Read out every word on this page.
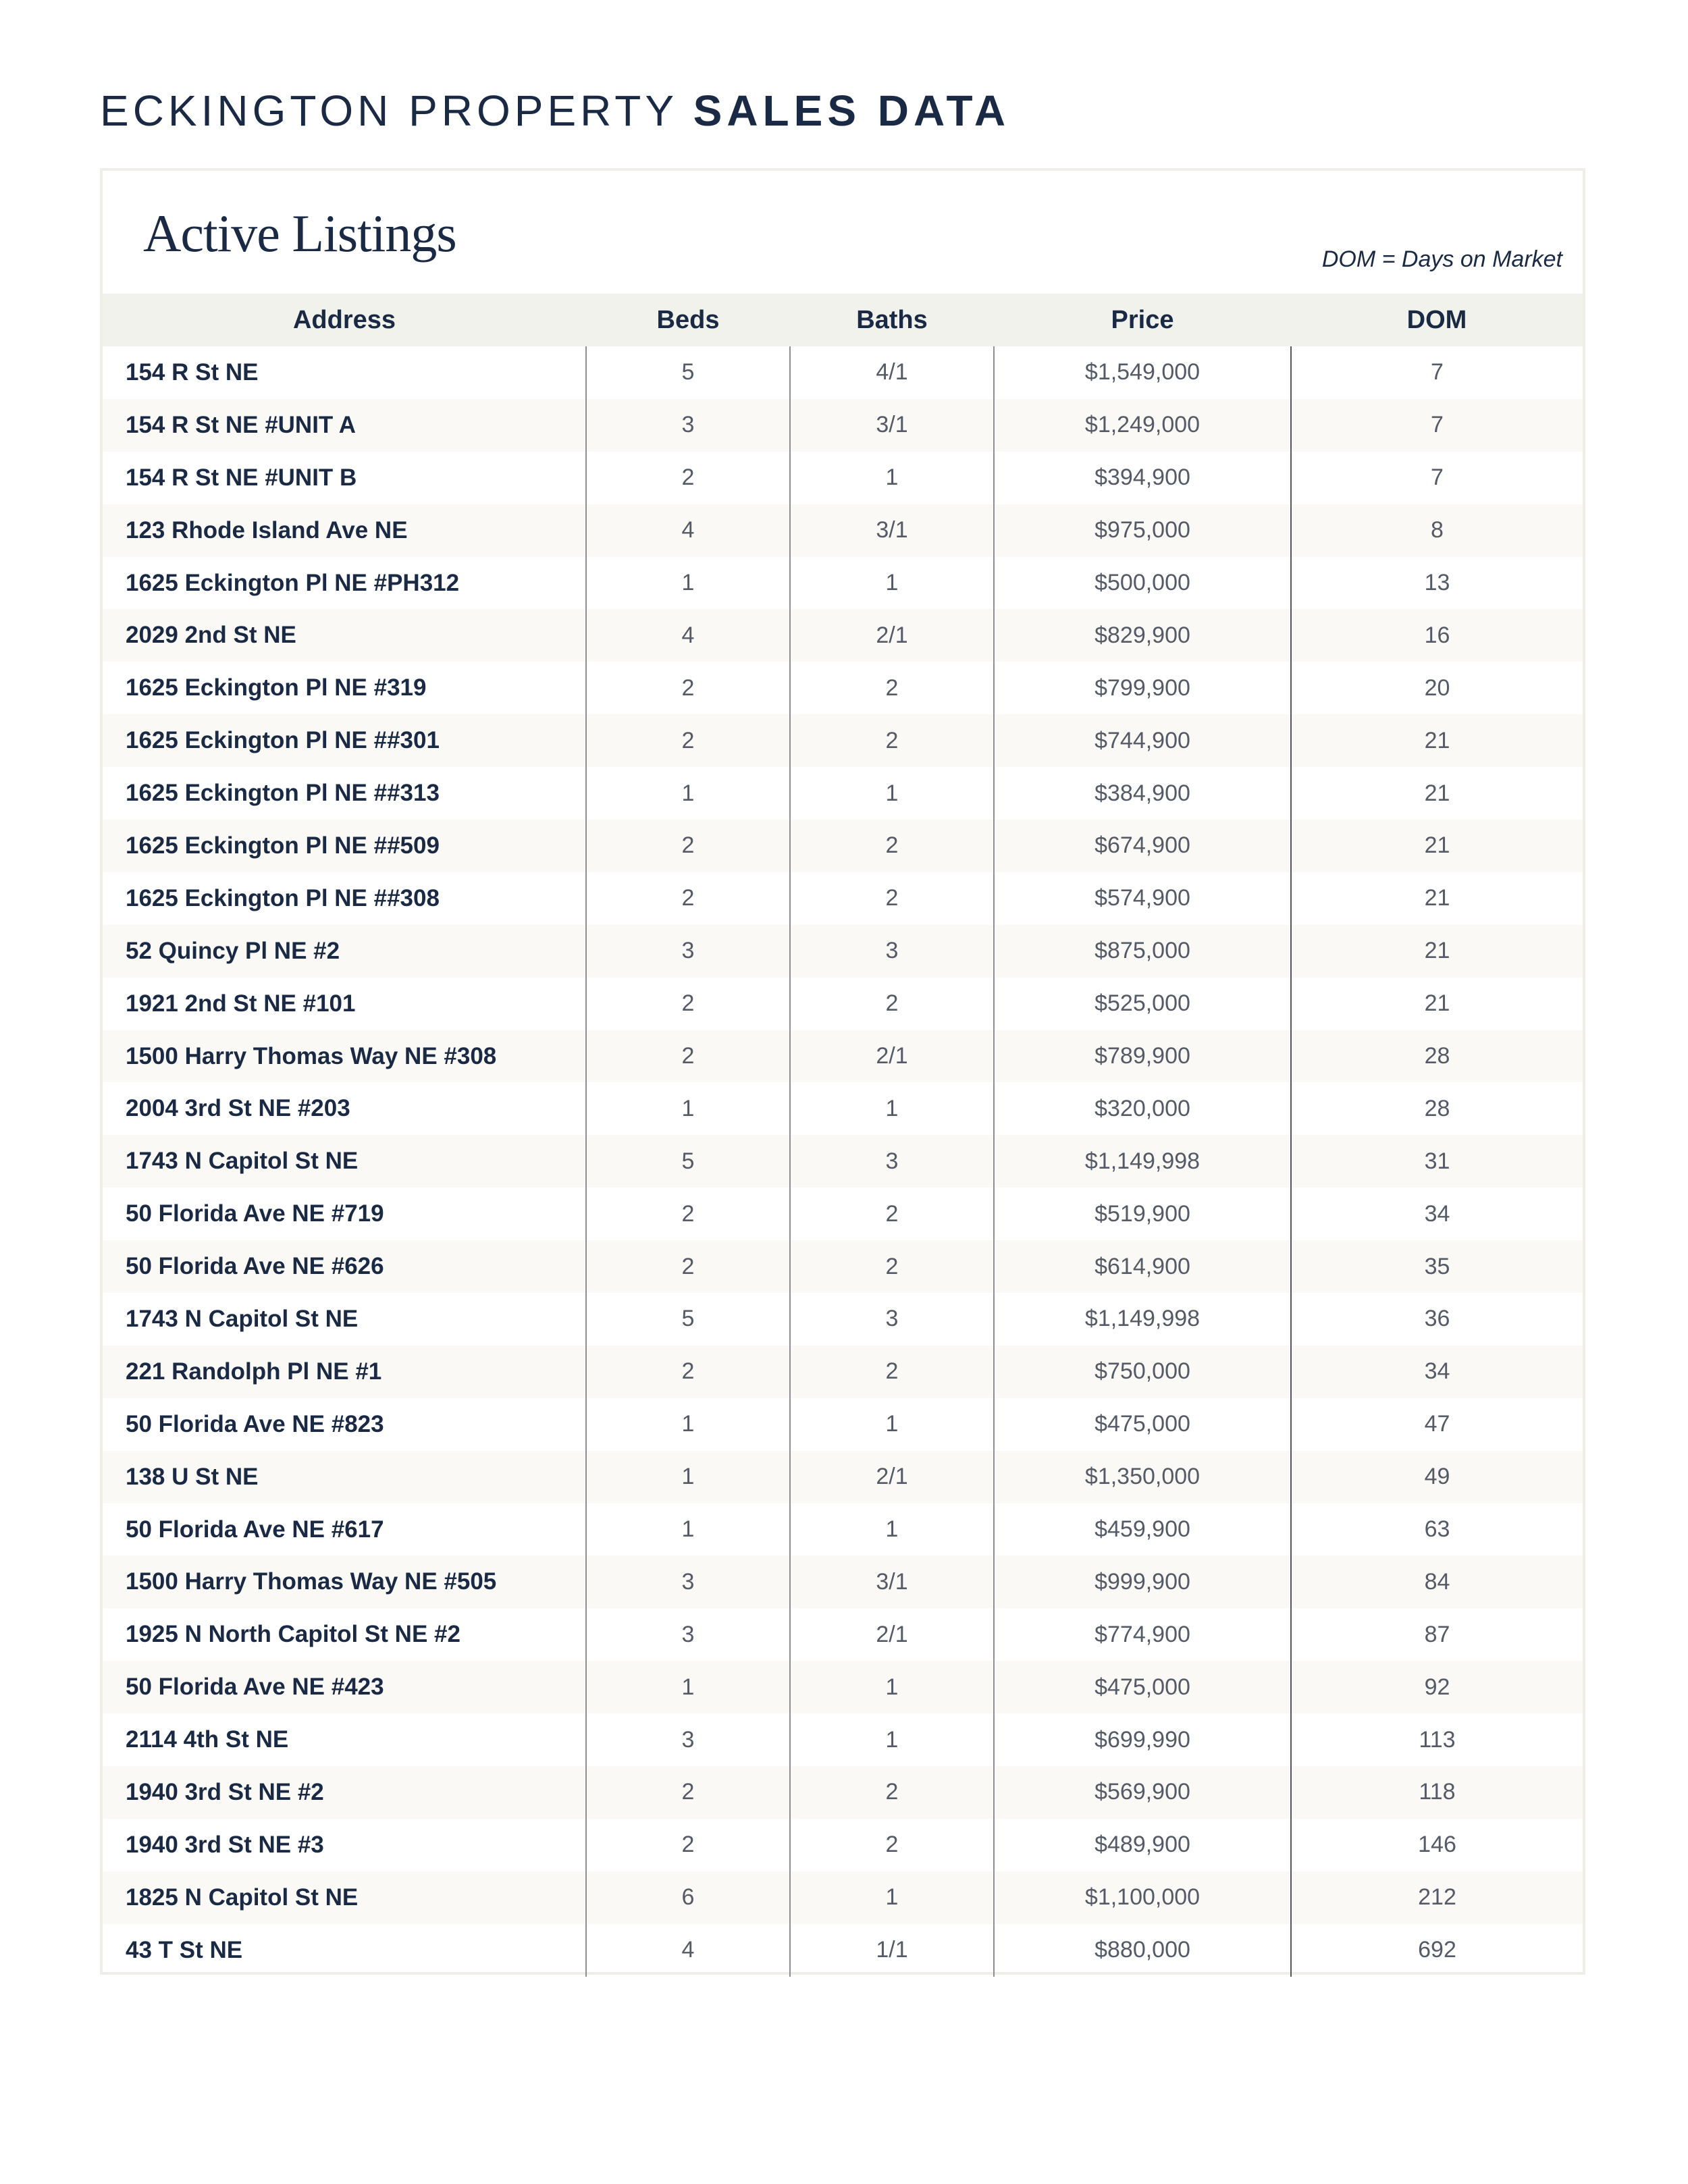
ECKINGTON PROPERTY SALES DATA
Active Listings	DOM = Days on Market
Address	Beds	Baths	Price	DOM
154 R St NE	5	4/1	$1,549,000	7
154 R St NE #UNIT A	3	3/1	$1,249,000	7
154 R St NE #UNIT B	2	1	$394,900	7
123 Rhode Island Ave NE	4	3/1	$975,000	8
1625 Eckington Pl NE #PH312	1	1	$500,000	13
2029 2nd St NE	4	2/1	$829,900	16
1625 Eckington Pl NE #319	2	2	$799,900	20
1625 Eckington Pl NE ##301	2	2	$744,900	21
1625 Eckington Pl NE ##313	1	1	$384,900	21
1625 Eckington Pl NE ##509	2	2	$674,900	21
1625 Eckington Pl NE ##308	2	2	$574,900	21
52 Quincy Pl NE #2	3	3	$875,000	21
1921 2nd St NE #101	2	2	$525,000	21
1500 Harry Thomas Way NE #308	2	2/1	$789,900	28
2004 3rd St NE #203	1	1	$320,000	28
1743 N Capitol St NE	5	3	$1,149,998	31
50 Florida Ave NE #719	2	2	$519,900	34
50 Florida Ave NE #626	2	2	$614,900	35
1743 N Capitol St NE	5	3	$1,149,998	36
221 Randolph Pl NE #1	2	2	$750,000	34
50 Florida Ave NE #823	1	1	$475,000	47
138 U St NE	1	2/1	$1,350,000	49
50 Florida Ave NE #617	1	1	$459,900	63
1500 Harry Thomas Way NE #505	3	3/1	$999,900	84
1925 N North Capitol St NE #2	3	2/1	$774,900	87
50 Florida Ave NE #423	1	1	$475,000	92
2114 4th St NE	3	1	$699,990	113
1940 3rd St NE #2	2	2	$569,900	118
1940 3rd St NE #3	2	2	$489,900	146
1825 N Capitol St NE	6	1	$1,100,000	212
43 T St NE	4	1/1	$880,000	692
